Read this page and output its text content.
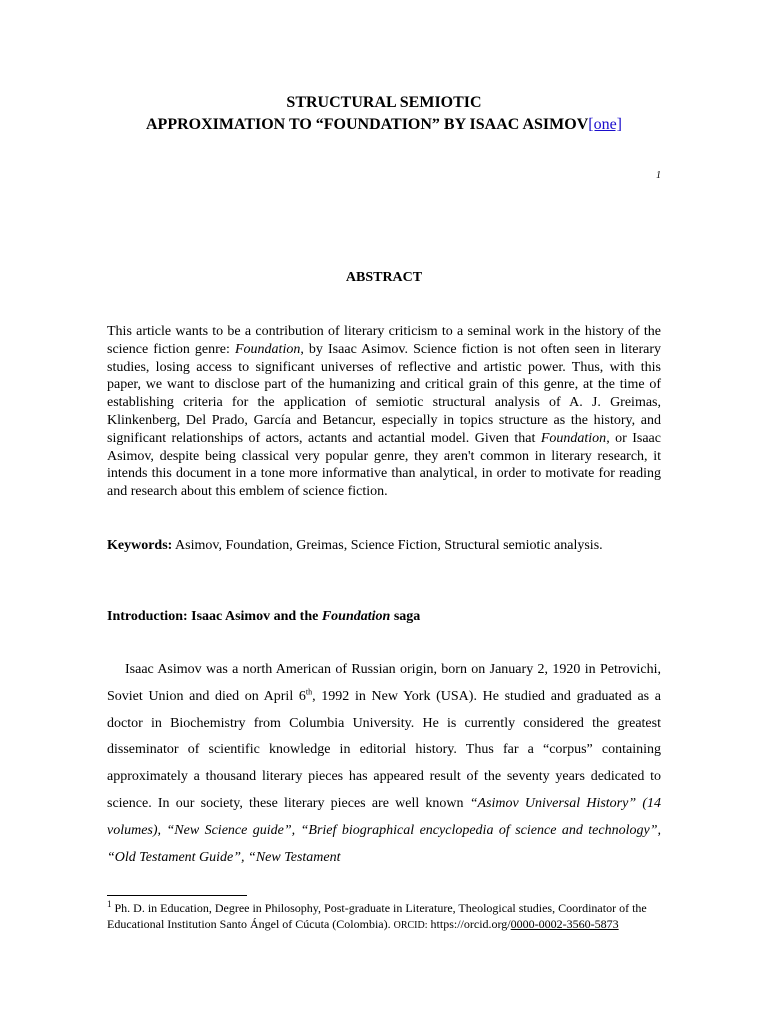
STRUCTURAL SEMIOTIC
APPROXIMATION TO “FOUNDATION” BY ISAAC ASIMOV[one]
1
ABSTRACT

This article wants to be a contribution of literary criticism to a seminal work in the history of the science fiction genre: Foundation, by Isaac Asimov. Science fiction is not often seen in literary studies, losing access to significant universes of reflective and artistic power. Thus, with this paper, we want to disclose part of the humanizing and critical grain of this genre, at the time of establishing criteria for the application of semiotic structural analysis of A. J. Greimas, Klinkenberg, Del Prado, García and Betancur, especially in topics structure as the history, and significant relationships of actors, actants and actantial model. Given that Foundation, or Isaac Asimov, despite being classical very popular genre, they aren't common in literary research, it intends this document in a tone more informative than analytical, in order to motivate for reading and research about this emblem of science fiction.

Keywords: Asimov, Foundation, Greimas, Science Fiction, Structural semiotic analysis.

Introduction: Isaac Asimov and the Foundation saga

Isaac Asimov was a north American of Russian origin, born on January 2, 1920 in Petrovichi, Soviet Union and died on April 6th, 1992 in New York (USA). He studied and graduated as a doctor in Biochemistry from Columbia University. He is currently considered the greatest disseminator of scientific knowledge in editorial history. Thus far a “corpus” containing approximately a thousand literary pieces has appeared result of the seventy years dedicated to science. In our society, these literary pieces are well known “Asimov Universal History” (14 volumes), “New Science guide”, “Brief biographical encyclopedia of science and technology”, “Old Testament Guide”, “New Testament

$^1$ Ph. D. in Education, Degree in Philosophy, Post-graduate in Literature, Theological studies, Coordinator of the Educational Institution Santo Ángel of Cúcuta (Colombia). ORCID: https://orcid.org/0000-0002-3560-5873
